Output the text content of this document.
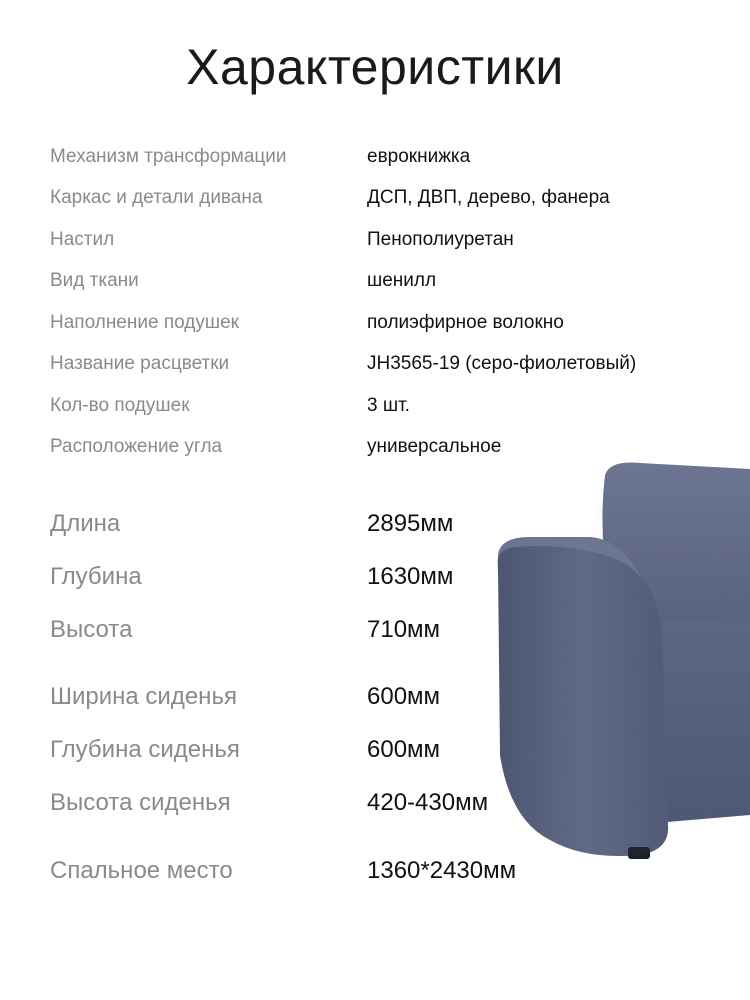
Характеристики
Механизм трансформации	еврокнижка
Каркас и детали дивана	ДСП, ДВП, дерево, фанера
Настил	Пенополиуретан
Вид ткани	шенилл
Наполнение подушек	полиэфирное волокно
Название расцветки	JH3565-19 (серо-фиолетовый)
Кол-во подушек	3 шт.
Расположение угла	универсальное
Длина	2895мм
Глубина	1630мм
Высота	710мм
Ширина сиденья	600мм
Глубина сиденья	600мм
Высота сиденья	420-430мм
Спальное место	1360*2430мм
